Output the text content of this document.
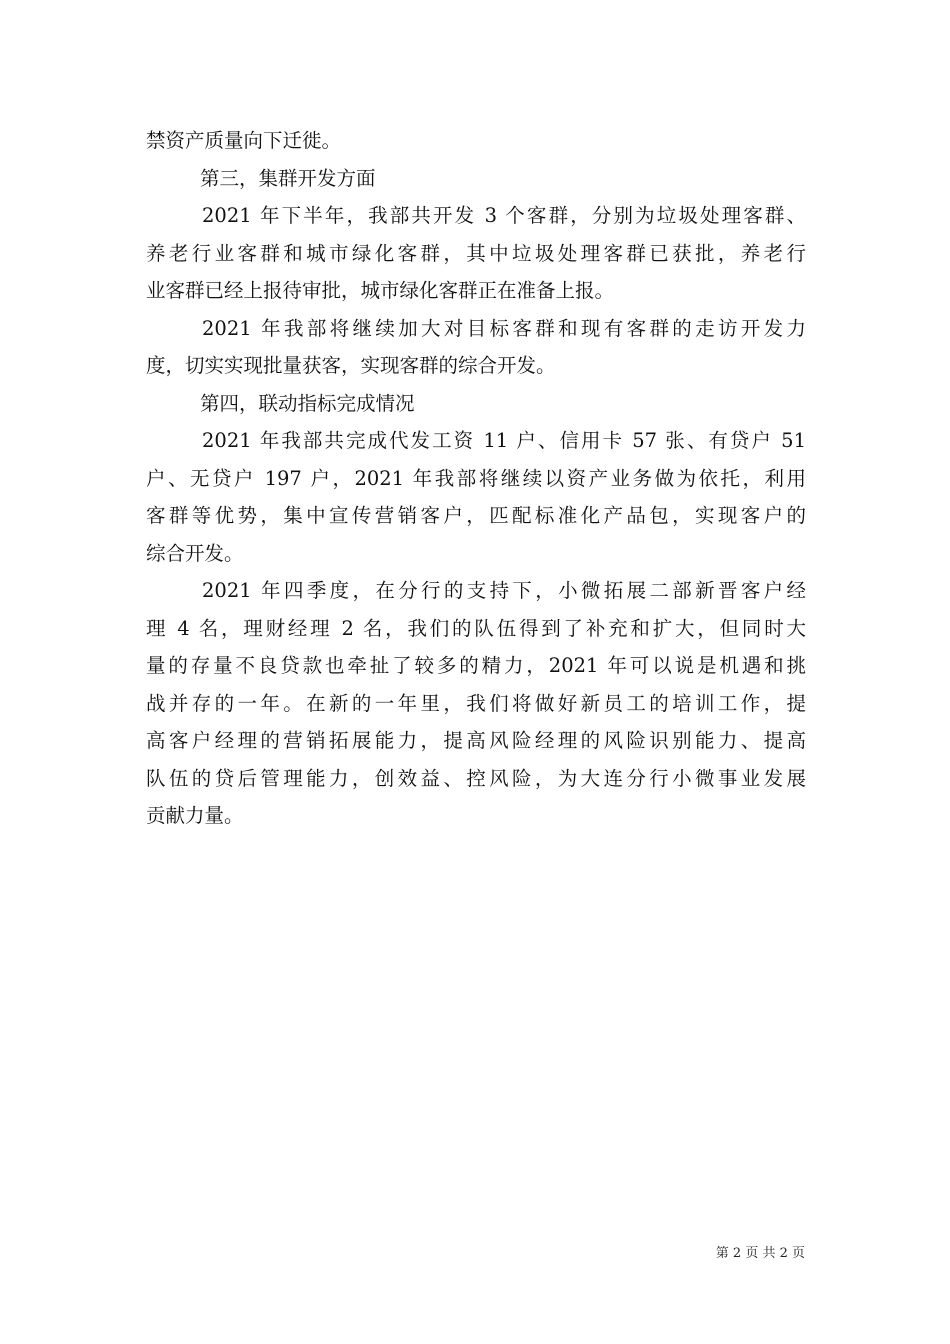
禁资产质量向下迁徙。
第三，集群开发方面
2021 年下半年，我部共开发 3 个客群，分别为垃圾处理客群、
养老行业客群和城市绿化客群，其中垃圾处理客群已获批，养老行
业客群已经上报待审批，城市绿化客群正在准备上报。
2021 年我部将继续加大对目标客群和现有客群的走访开发力
度，切实实现批量获客，实现客群的综合开发。
第四，联动指标完成情况
2021 年我部共完成代发工资 11 户、信用卡 57 张、有贷户 51
户、无贷户 197 户，2021 年我部将继续以资产业务做为依托，利用
客群等优势，集中宣传营销客户，匹配标准化产品包，实现客户的
综合开发。
2021 年四季度，在分行的支持下，小微拓展二部新晋客户经
理 4 名，理财经理 2 名，我们的队伍得到了补充和扩大，但同时大
量的存量不良贷款也牵扯了较多的精力，2021 年可以说是机遇和挑
战并存的一年。在新的一年里，我们将做好新员工的培训工作，提
高客户经理的营销拓展能力，提高风险经理的风险识别能力、提高
队伍的贷后管理能力，创效益、控风险，为大连分行小微事业发展
贡献力量。
第 2 页 共 2 页
